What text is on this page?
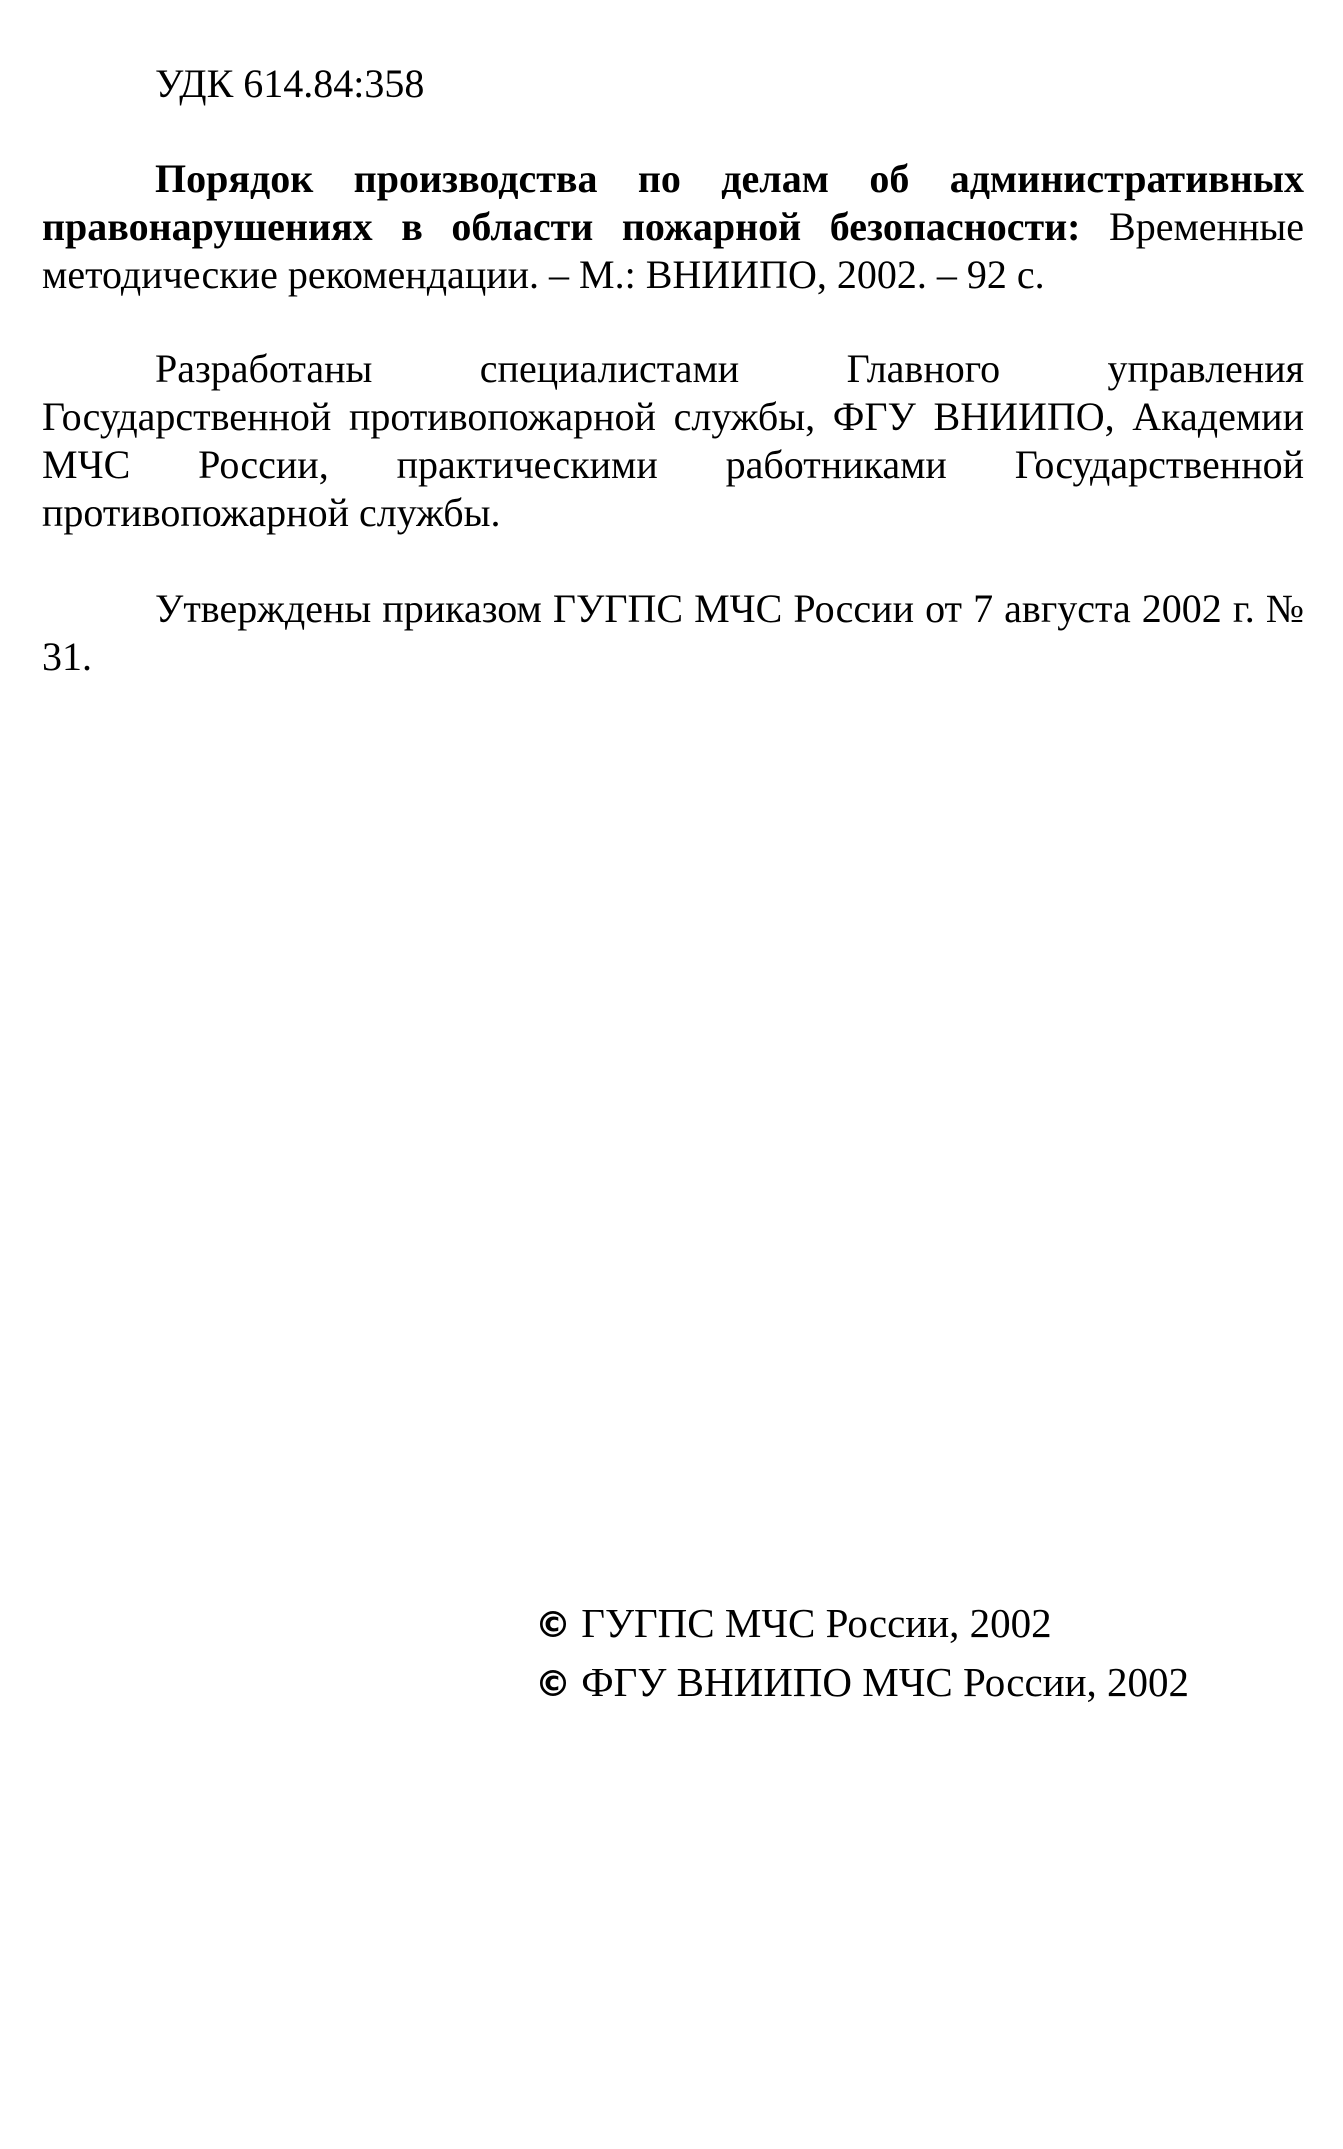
УДК 614.84:358

Порядок производства по делам об административных правонарушениях в области пожарной безопасности: Временные методические рекомендации. – М.: ВНИИПО, 2002. – 92 с.

Разработаны специалистами Главного управления Государственной противопожарной службы, ФГУ ВНИИПО, Академии МЧС России, практическими работниками Государственной противопожарной службы.

Утверждены приказом ГУГПС МЧС России от 7 августа 2002 г. № 31.

© ГУГПС МЧС России, 2002
© ФГУ ВНИИПО МЧС России, 2002
